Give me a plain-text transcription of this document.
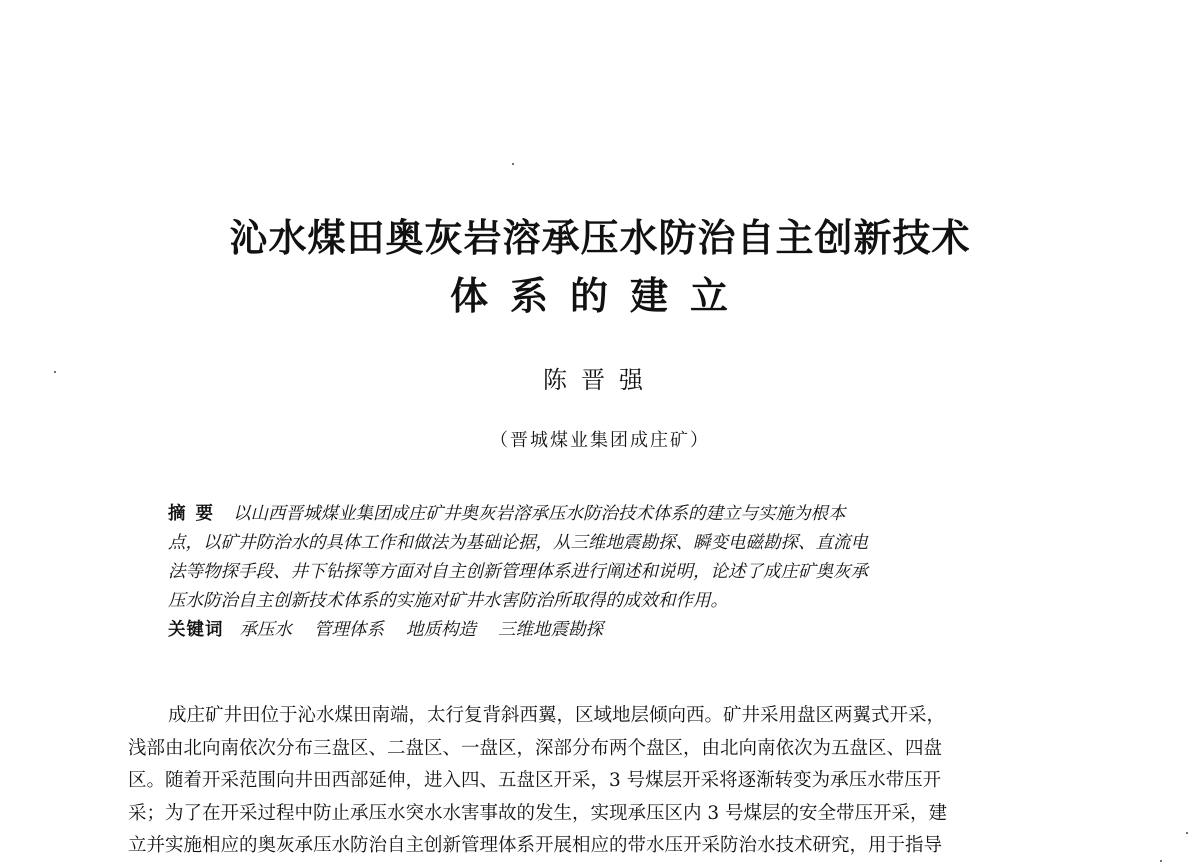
沁水煤田奥灰岩溶承压水防治自主创新技术
体系的建立
陈晋强
（晋城煤业集团成庄矿）
摘要 以山西晋城煤业集团成庄矿井奥灰岩溶承压水防治技术体系的建立与实施为根本
点，以矿井防治水的具体工作和做法为基础论据，从三维地震勘探、瞬变电磁勘探、直流电
法等物探手段、井下钻探等方面对自主创新管理体系进行阐述和说明，论述了成庄矿奥灰承
压水防治自主创新技术体系的实施对矿井水害防治所取得的成效和作用。
关键词 承压水 管理体系 地质构造 三维地震勘探
成庄矿井田位于沁水煤田南端，太行复背斜西翼，区域地层倾向西。矿井采用盘区两翼式开采，
浅部由北向南依次分布三盘区、二盘区、一盘区，深部分布两个盘区，由北向南依次为五盘区、四盘
区。随着开采范围向井田西部延伸，进入四、五盘区开采，3 号煤层开采将逐渐转变为承压水带压开
采；为了在开采过程中防止承压水突水水害事故的发生，实现承压区内 3 号煤层的安全带压开采，建
立并实施相应的奥灰承压水防治自主创新管理体系开展相应的带水压开采防治水技术研究，用于指导
